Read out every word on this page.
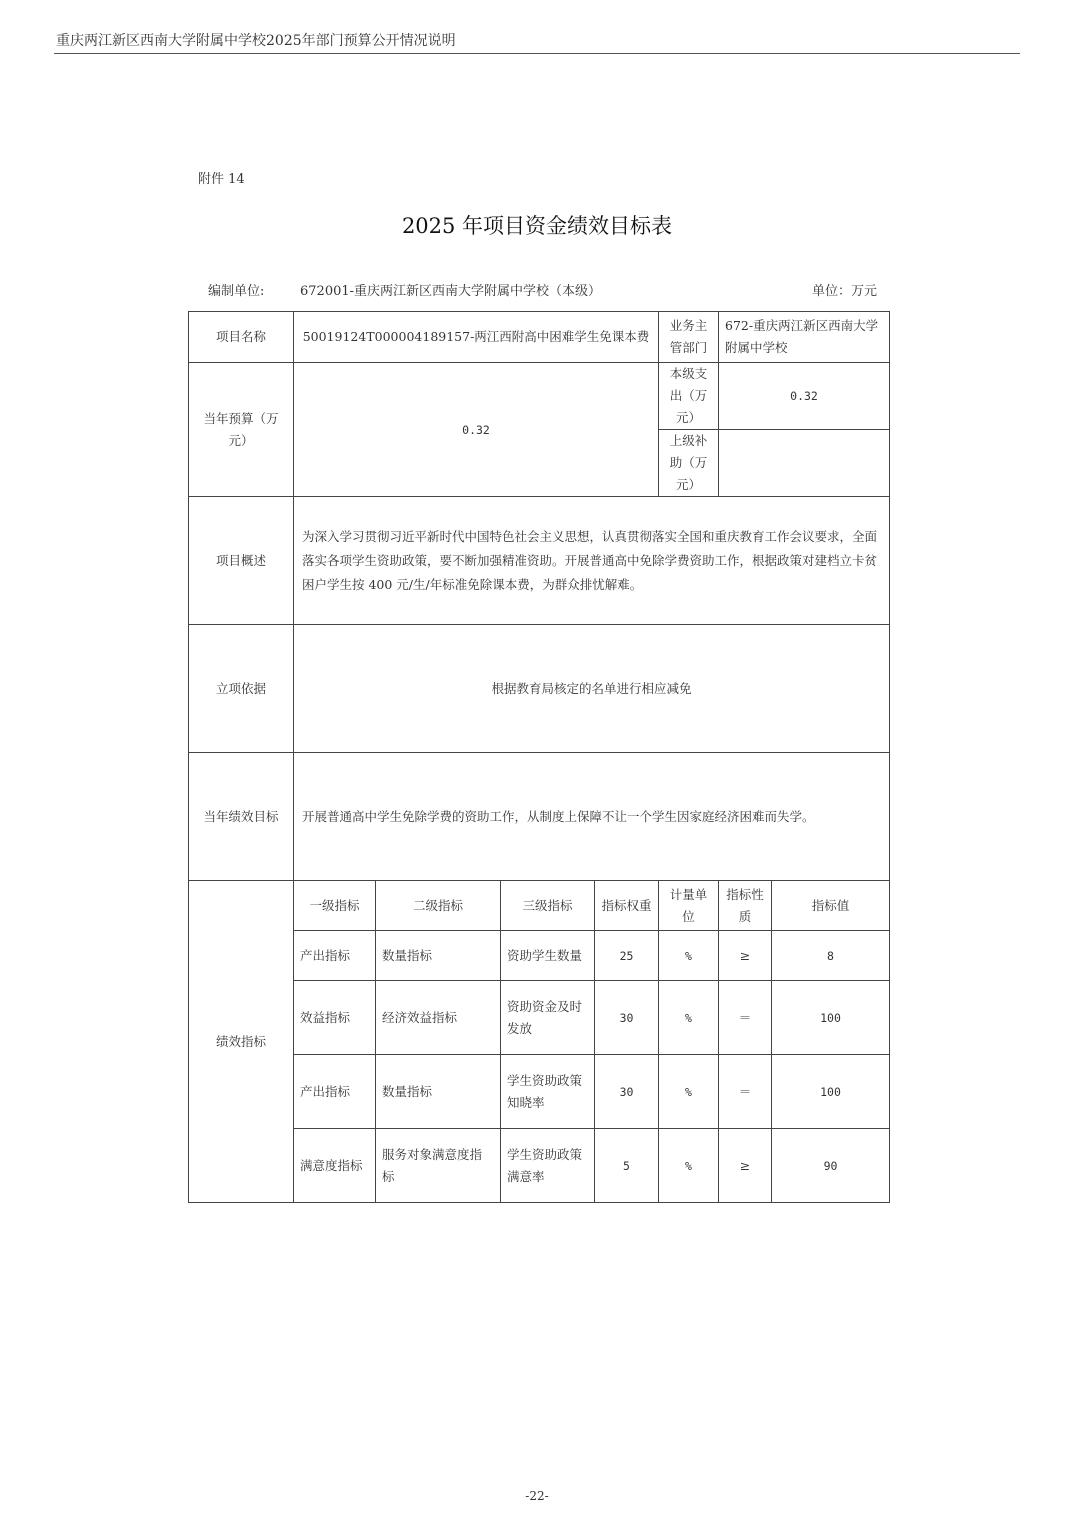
重庆两江新区西南大学附属中学校2025年部门预算公开情况说明
附件 14
2025 年项目资金绩效目标表
编制单位:	672001-重庆两江新区西南大学附属中学校（本级）	单位：万元
项目名称	50019124T000004189157-两江西附高中困难学生免课本费				业务主管部门	672-重庆两江新区西南大学附属中学校	
当年预算（万元）	0.32				本级支出（万元）	0.32	
					上级补助（万元）		
项目概述	为深入学习贯彻习近平新时代中国特色社会主义思想，认真贯彻落实全国和重庆教育工作会议要求，全面落实各项学生资助政策，要不断加强精准资助。开展普通高中免除学费资助工作，根据政策对建档立卡贫困户学生按 400 元/生/年标准免除课本费，为群众排忧解难。						
立项依据	根据教育局核定的名单进行相应减免						
当年绩效目标	开展普通高中学生免除学费的资助工作，从制度上保障不让一个学生因家庭经济困难而失学。						
绩效指标	一级指标	二级指标	三级指标	指标权重	计量单位	指标性质	指标值
	产出指标	数量指标	资助学生数量	25	%	≥	8
	效益指标	经济效益指标	资助资金及时发放	30	%	＝	100
	产出指标	数量指标	学生资助政策知晓率	30	%	＝	100
	满意度指标	服务对象满意度指标	学生资助政策满意率	5	%	≥	90
-22-
